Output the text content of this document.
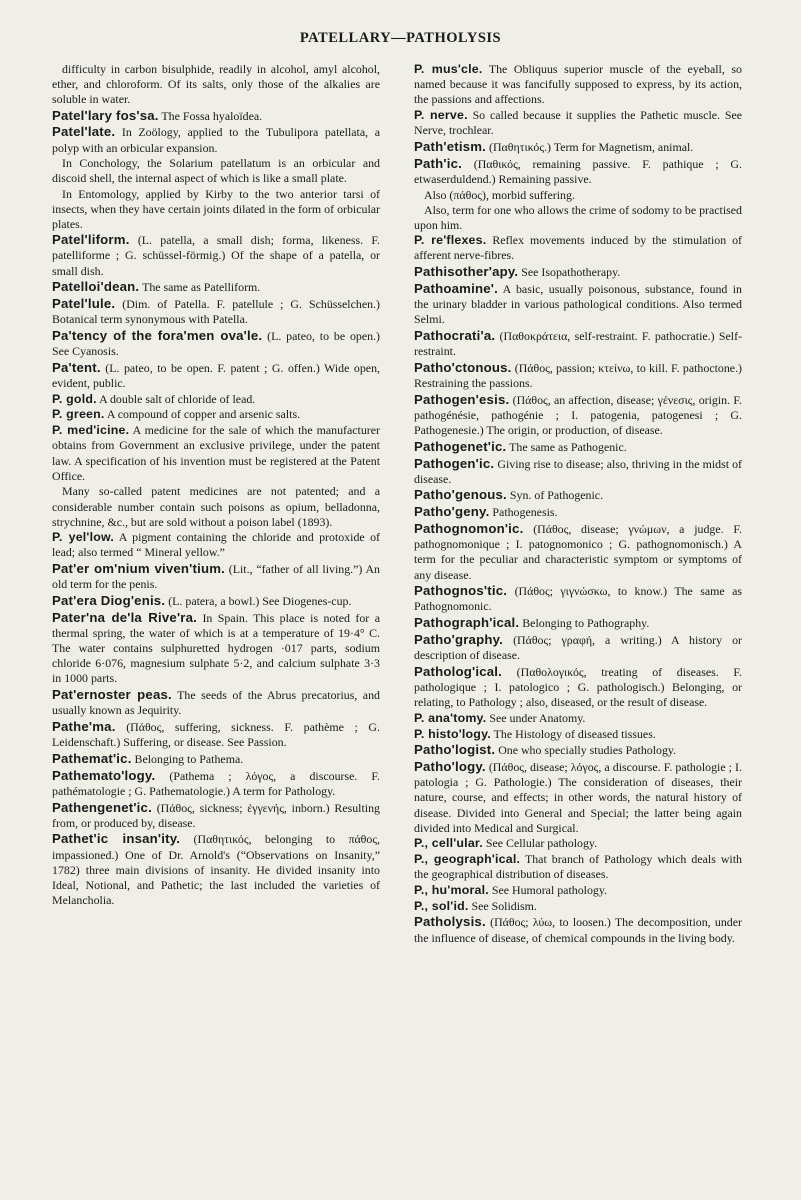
PATELLARY—PATHOLYSIS

difficulty in carbon bisulphide, readily in alcohol, amyl alcohol, ether, and chloroform. Of its salts, only those of the alkalies are soluble in water.

Patel'lary fos'sa. The Fossa hyaloïdea.

Patel'late. In Zoölogy, applied to the Tubulipora patellata, a polyp with an orbicular expansion.

In Conchology, the Solarium patellatum is an orbicular and discoid shell, the internal aspect of which is like a small plate.

In Entomology, applied by Kirby to the two anterior tarsi of insects, when they have certain joints dilated in the form of orbicular plates.

Patel'liform. (L. patella, a small dish; forma, likeness. F. patelliforme ; G. schüssel-förmig.) Of the shape of a patella, or small dish.

Patelloi'dean. The same as Patelliform.

Patel'lule. (Dim. of Patella. F. patellule ; G. Schüsselchen.) Botanical term synonymous with Patella.

Pa'tency of the fora'men ova'le. (L. pateo, to be open.) See Cyanosis.

Pa'tent. (L. pateo, to be open. F. patent ; G. offen.) Wide open, evident, public.

P. gold. A double salt of chloride of lead.

P. green. A compound of copper and arsenic salts.

P. med'icine. A medicine for the sale of which the manufacturer obtains from Government an exclusive privilege, under the patent law. A specification of his invention must be registered at the Patent Office.

Many so-called patent medicines are not patented; and a considerable number contain such poisons as opium, belladonna, strychnine, &c., but are sold without a poison label (1893).

P. yel'low. A pigment containing the chloride and protoxide of lead; also termed “ Mineral yellow.”

Pat'er om'nium viven'tium. (Lit., “father of all living.”) An old term for the penis.

Pat'era Diog'enis. (L. patera, a bowl.) See Diogenes-cup.

Pater'na de'la Rive'ra. In Spain. This place is noted for a thermal spring, the water of which is at a temperature of 19·4° C. The water contains sulphuretted hydrogen ·017 parts, sodium chloride 6·076, magnesium sulphate 5·2, and calcium sulphate 3·3 in 1000 parts.

Pat'ernoster peas. The seeds of the Abrus precatorius, and usually known as Jequirity.

Pathe'ma. (Πάθος, suffering, sickness. F. pathème ; G. Leidenschaft.) Suffering, or disease. See Passion.

Pathemat'ic. Belonging to Pathema.

Pathemato'logy. (Pathema ; λόγος, a discourse. F. pathématologie ; G. Pathematologie.) A term for Pathology.

Pathengenet'ic. (Πάθος, sickness; ἐγγενής, inborn.) Resulting from, or produced by, disease.

Pathet'ic insan'ity. (Παθητικός, belonging to πάθος, impassioned.) One of Dr. Arnold's (“Observations on Insanity,” 1782) three main divisions of insanity. He divided insanity into Ideal, Notional, and Pathetic; the last included the varieties of Melancholia.

P. mus'cle. The Obliquus superior muscle of the eyeball, so named because it was fancifully supposed to express, by its action, the passions and affections.

P. nerve. So called because it supplies the Pathetic muscle. See Nerve, trochlear.

Path'etism. (Παθητικός.) Term for Magnetism, animal.

Path'ic. (Παθικός, remaining passive. F. pathique ; G. etwaserduldend.) Remaining passive.

Also (πάθος), morbid suffering.

Also, term for one who allows the crime of sodomy to be practised upon him.

P. re'flexes. Reflex movements induced by the stimulation of afferent nerve-fibres.

Pathisother'apy. See Isopathotherapy.

Pathoamine'. A basic, usually poisonous, substance, found in the urinary bladder in various pathological conditions. Also termed Selmi.

Pathocrati'a. (Παθοκράτεια, self-restraint. F. pathocratie.) Self-restraint.

Patho'ctonous. (Πάθος, passion; κτείνω, to kill. F. pathoctone.) Restraining the passions.

Pathogen'esis. (Πάθος, an affection, disease; γένεσις, origin. F. pathogénésie, pathogénie ; I. patogenia, patogenesi ; G. Pathogenesie.) The origin, or production, of disease.

Pathogenet'ic. The same as Pathogenic.

Pathogen'ic. Giving rise to disease; also, thriving in the midst of disease.

Patho'genous. Syn. of Pathogenic.

Patho'geny. Pathogenesis.

Pathognomon'ic. (Πάθος, disease; γνώμων, a judge. F. pathognomonique ; I. patognomonico ; G. pathognomonisch.) A term for the peculiar and characteristic symptom or symptoms of any disease.

Pathognos'tic. (Πάθος; γιγνώσκω, to know.) The same as Pathognomonic.

Pathograph'ical. Belonging to Pathography.

Patho'graphy. (Πάθος; γραφή, a writing.) A history or description of disease.

Patholog'ical. (Παθολογικός, treating of diseases. F. pathologique ; I. patologico ; G. pathologisch.) Belonging, or relating, to Pathology ; also, diseased, or the result of disease.

P. ana'tomy. See under Anatomy.

P. histo'logy. The Histology of diseased tissues.

Patho'logist. One who specially studies Pathology.

Patho'logy. (Πάθος, disease; λόγος, a discourse. F. pathologie ; I. patologia ; G. Pathologie.) The consideration of diseases, their nature, course, and effects; in other words, the natural history of disease. Divided into General and Special; the latter being again divided into Medical and Surgical.

P., cell'ular. See Cellular pathology.

P., geograph'ical. That branch of Pathology which deals with the geographical distribution of diseases.

P., hu'moral. See Humoral pathology.

P., sol'id. See Solidism.

Patholysis. (Πάθος; λύω, to loosen.) The decomposition, under the influence of disease, of chemical compounds in the living body.
